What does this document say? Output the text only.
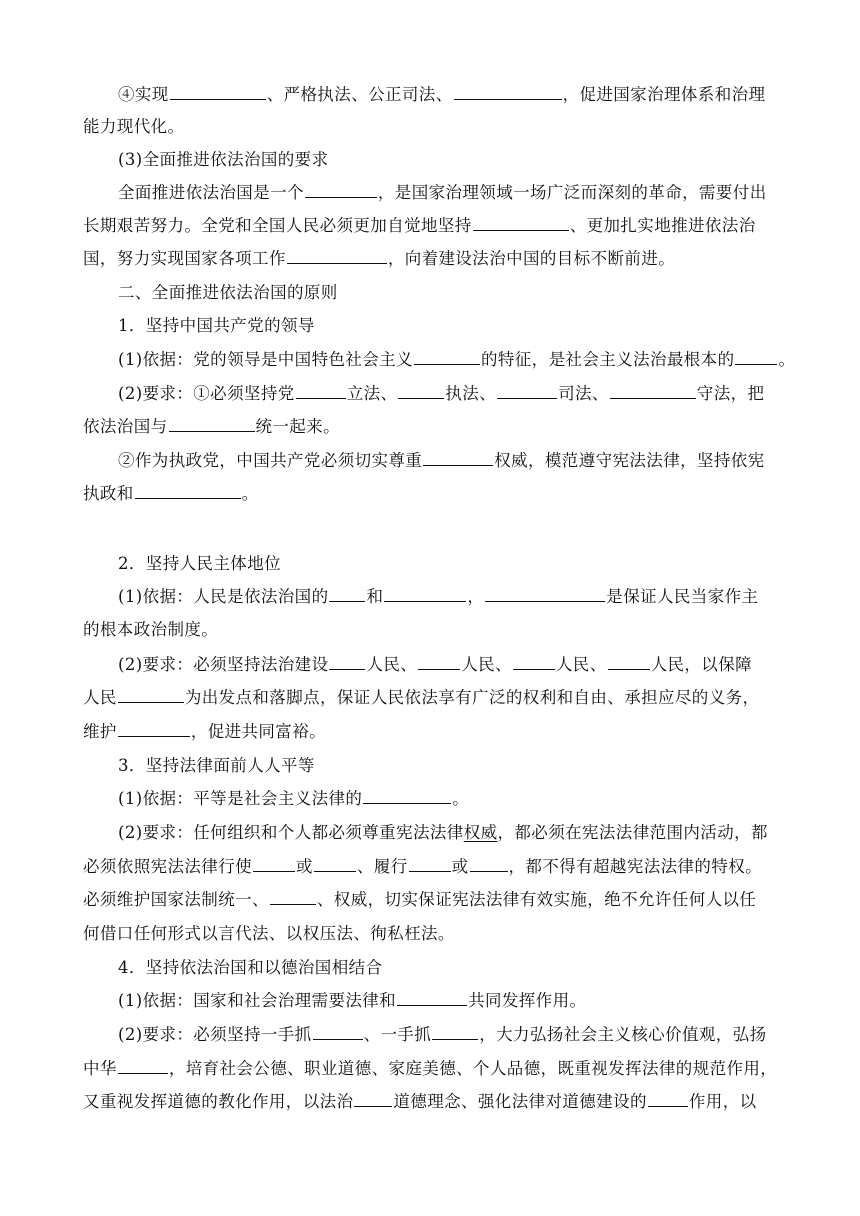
④实现	、严格执法、公正司法、	，促进国家治理体系和治理
能力现代化。
(3)全面推进依法治国的要求
全面推进依法治国是一个	，是国家治理领域一场广泛而深刻的革命，需要付出
长期艰苦努力。全党和全国人民必须更加自觉地坚持	、更加扎实地推进依法治
国，努力实现国家各项工作	，向着建设法治中国的目标不断前进。
二、全面推进依法治国的原则
1．坚持中国共产党的领导
(1)依据：党的领导是中国特色社会主义	的特征，是社会主义法治最根本的	。
(2)要求：①必须坚持党	立法、	执法、	司法、	守法，把
依法治国与	统一起来。
②作为执政党，中国共产党必须切实尊重	权威，模范遵守宪法法律，坚持依宪
执政和	。
2．坚持人民主体地位
(1)依据：人民是依法治国的 和	，	是保证人民当家作主
的根本政治制度。
(2)要求：必须坚持法治建设 人民、	人民、	人民、	人民，以保障
人民	为出发点和落脚点，保证人民依法享有广泛的权利和自由、承担应尽的义务，
维护	，促进共同富裕。
3．坚持法律面前人人平等
(1)依据：平等是社会主义法律的	。
(2)要求：任何组织和个人都必须尊重宪法法律权威，都必须在宪法法律范围内活动，都
必须依照宪法法律行使	或	、履行	或 ，都不得有超越宪法法律的特权。
必须维护国家法制统一、	、权威，切实保证宪法法律有效实施，绝不允许任何人以任
何借口任何形式以言代法、以权压法、徇私枉法。
4．坚持依法治国和以德治国相结合
(1)依据：国家和社会治理需要法律和	共同发挥作用。
(2)要求：必须坚持一手抓	、一手抓	，大力弘扬社会主义核心价值观，弘扬
中华	，培育社会公德、职业道德、家庭美德、个人品德，既重视发挥法律的规范作用，
又重视发挥道德的教化作用，以法治 道德理念、强化法律对道德建设的	作用，以
